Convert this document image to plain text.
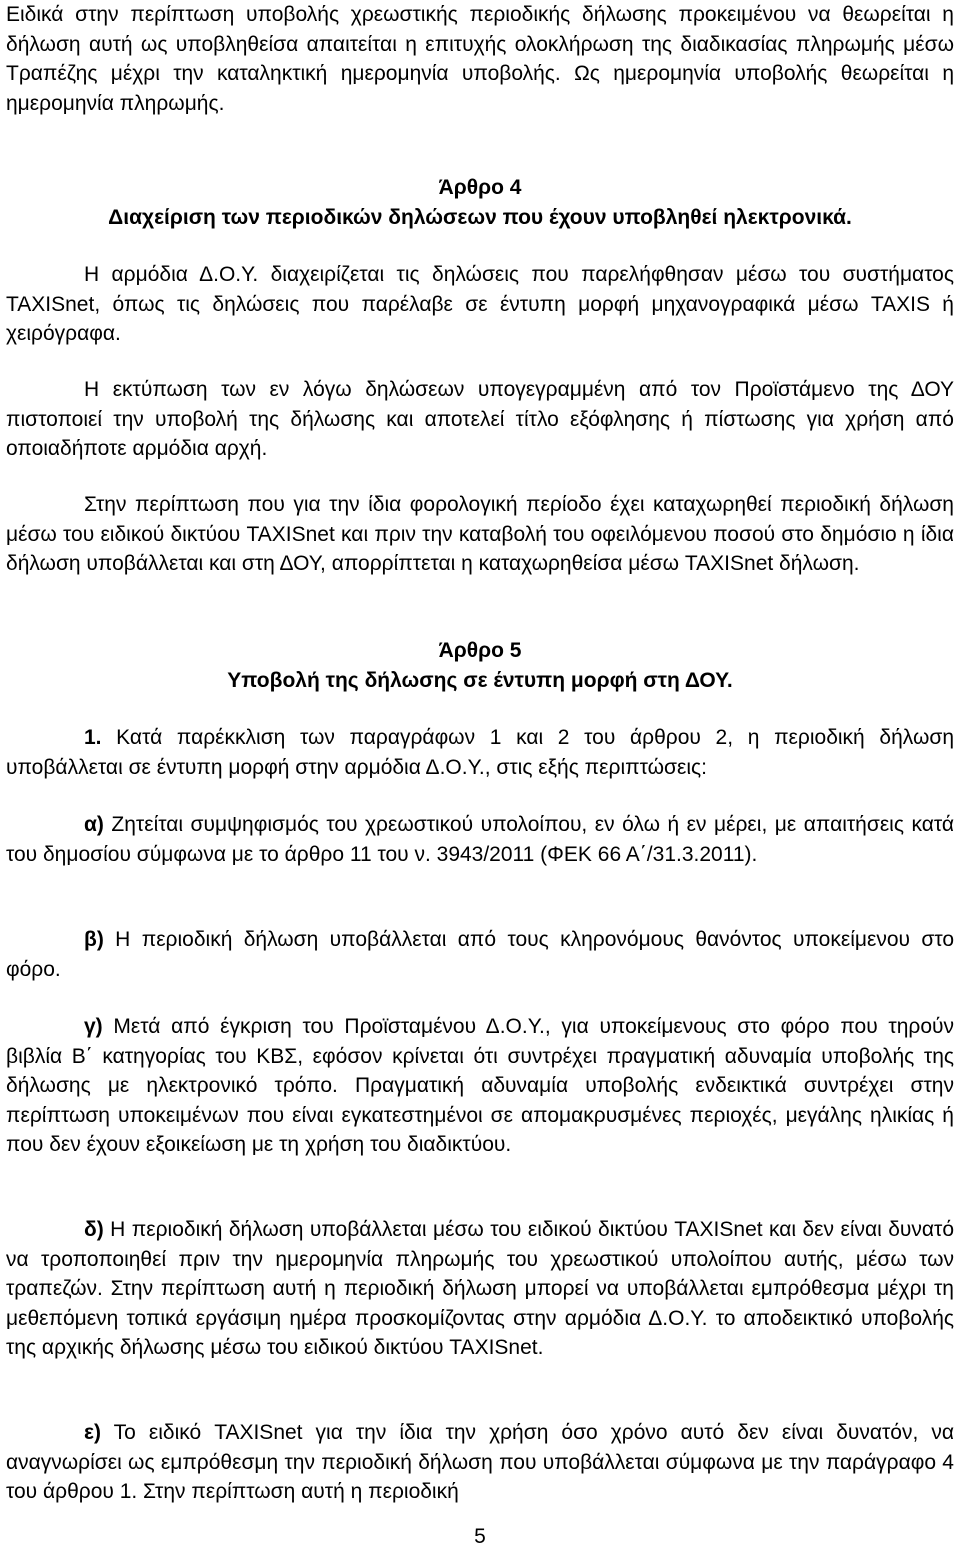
Ειδικά στην περίπτωση υποβολής χρεωστικής περιοδικής δήλωσης προκειμένου να θεωρείται η δήλωση αυτή ως υποβληθείσα απαιτείται η επιτυχής ολοκλήρωση της διαδικασίας πληρωμής μέσω Τραπέζης μέχρι την καταληκτική ημερομηνία υποβολής. Ως ημερομηνία υποβολής θεωρείται η ημερομηνία πληρωμής.

Άρθρο 4

Διαχείριση των περιοδικών δηλώσεων που έχουν υποβληθεί ηλεκτρονικά.

Η αρμόδια Δ.Ο.Υ. διαχειρίζεται τις δηλώσεις που παρελήφθησαν μέσω του συστήματος TAXISnet, όπως τις δηλώσεις που παρέλαβε σε έντυπη μορφή μηχανογραφικά μέσω TAXIS ή χειρόγραφα.

Η εκτύπωση των εν λόγω δηλώσεων υπογεγραμμένη από τον Προϊστάμενο της ΔΟΥ πιστοποιεί την υποβολή της δήλωσης και αποτελεί τίτλο εξόφλησης ή πίστωσης για χρήση από οποιαδήποτε αρμόδια αρχή.

Στην περίπτωση που για την ίδια φορολογική περίοδο έχει καταχωρηθεί περιοδική δήλωση μέσω του ειδικού δικτύου TAXISnet και πριν την καταβολή του οφειλόμενου ποσού στο δημόσιο η ίδια δήλωση υποβάλλεται και στη ΔΟΥ, απορρίπτεται η καταχωρηθείσα μέσω TAXISnet δήλωση.

Άρθρο 5

Υποβολή της δήλωσης σε έντυπη μορφή στη ΔΟΥ.

1. Κατά παρέκκλιση των παραγράφων 1 και 2 του άρθρου 2, η περιοδική δήλωση υποβάλλεται σε έντυπη μορφή στην αρμόδια Δ.Ο.Υ., στις εξής περιπτώσεις:

α) Ζητείται συμψηφισμός του χρεωστικού υπολοίπου, εν όλω ή εν μέρει, με απαιτήσεις κατά του δημοσίου σύμφωνα με το άρθρο 11 του ν. 3943/2011 (ΦΕΚ 66 Α΄/31.3.2011).

β) Η περιοδική δήλωση υποβάλλεται από τους κληρονόμους θανόντος υποκείμενου στο φόρο.

γ) Μετά από έγκριση του Προϊσταμένου Δ.Ο.Υ., για υποκείμενους στο φόρο που τηρούν βιβλία Β΄ κατηγορίας του ΚΒΣ, εφόσον κρίνεται ότι συντρέχει πραγματική αδυναμία υποβολής της δήλωσης με ηλεκτρονικό τρόπο. Πραγματική αδυναμία υποβολής ενδεικτικά συντρέχει στην περίπτωση υποκειμένων που είναι εγκατεστημένοι σε απομακρυσμένες περιοχές, μεγάλης ηλικίας ή που δεν έχουν εξοικείωση με τη χρήση του διαδικτύου.

δ) Η περιοδική δήλωση υποβάλλεται μέσω του ειδικού δικτύου TAXISnet και δεν είναι δυνατό να τροποποιηθεί πριν την ημερομηνία πληρωμής του χρεωστικού υπολοίπου αυτής, μέσω των τραπεζών. Στην περίπτωση αυτή η περιοδική δήλωση μπορεί να υποβάλλεται εμπρόθεσμα μέχρι τη μεθεπόμενη τοπικά εργάσιμη ημέρα προσκομίζοντας στην αρμόδια Δ.Ο.Υ. το αποδεικτικό υποβολής της αρχικής δήλωσης μέσω του ειδικού δικτύου TAXISnet.

ε) Το ειδικό TAXISnet για την ίδια την χρήση όσο χρόνο αυτό δεν είναι δυνατόν, να αναγνωρίσει ως εμπρόθεσμη την περιοδική δήλωση που υποβάλλεται σύμφωνα με την παράγραφο 4 του άρθρου 1. Στην περίπτωση αυτή η περιοδική

5
